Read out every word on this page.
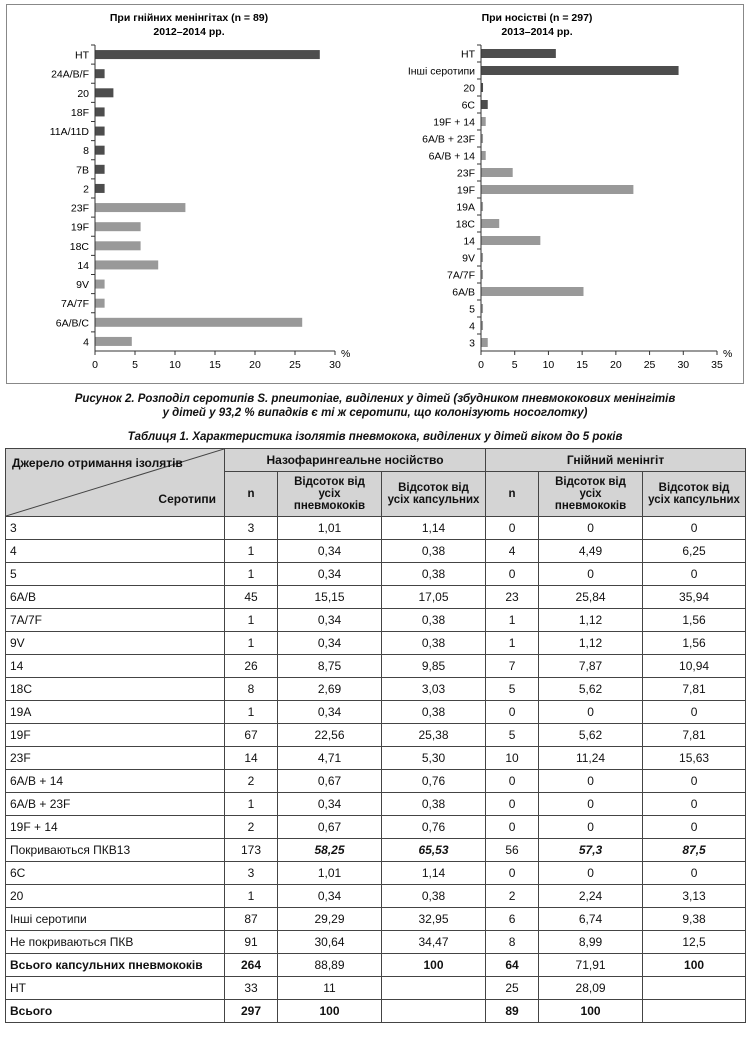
При гнійних менінгітах (n = 89)
2012–2014 рр.
НТ
24A/B/F
20
18F
11A/11D
8
7B
2
23F
19F
18C
14
9V
7A/7F
6A/B/C
4
0	5	10	15	20	25	30
%
При носістві (n = 297)
2013–2014 рр.
НТ
Інші серотипи
20
6C
19F + 14
6A/B + 23F
6A/B + 14
23F
19F
19A
18C
14
9V
7A/7F
6A/B
5
4
3
0	5 10 15 20 25 30 35
%
Рисунок 2. Розподіл серотипів S. pneumoniae, виділених у дітей (збудником пневмококових менінгітів
у дітей у 93,2 % випадків є ті ж серотипи, що колонізують носоглотку)
Таблиця 1. Характеристика ізолятів пневмокока, виділених у дітей віком до 5 років
Джерело отримання ізолятів
Серотипи	Назофарингеальне носійство			Гнійний менінгіт		
	n	Відсоток від усіх пневмококів	Відсоток від усіх капсульних	n	Відсоток від усіх пневмококів	Відсоток від усіх капсульних
3	3	1,01	1,14	0	0	0
4	1	0,34	0,38	4	4,49	6,25
5	1	0,34	0,38	0	0	0
6A/B	45	15,15	17,05	23	25,84	35,94
7A/7F	1	0,34	0,38	1	1,12	1,56
9V	1	0,34	0,38	1	1,12	1,56
14	26	8,75	9,85	7	7,87	10,94
18C	8	2,69	3,03	5	5,62	7,81
19A	1	0,34	0,38	0	0	0
19F	67	22,56	25,38	5	5,62	7,81
23F	14	4,71	5,30	10	11,24	15,63
6A/B + 14	2	0,67	0,76	0	0	0
6A/B + 23F	1	0,34	0,38	0	0	0
19F + 14	2	0,67	0,76	0	0	0
Покриваються ПКВ13	173	58,25	65,53	56	57,3	87,5
6C	3	1,01	1,14	0	0	0
20	1	0,34	0,38	2	2,24	3,13
Інші серотипи	87	29,29	32,95	6	6,74	9,38
Не покриваються ПКВ	91	30,64	34,47	8	8,99	12,5
Всього капсульних пневмококів	264	88,89	100	64	71,91	100
НТ	33	11		25	28,09	
Всього	297	100		89	100	
